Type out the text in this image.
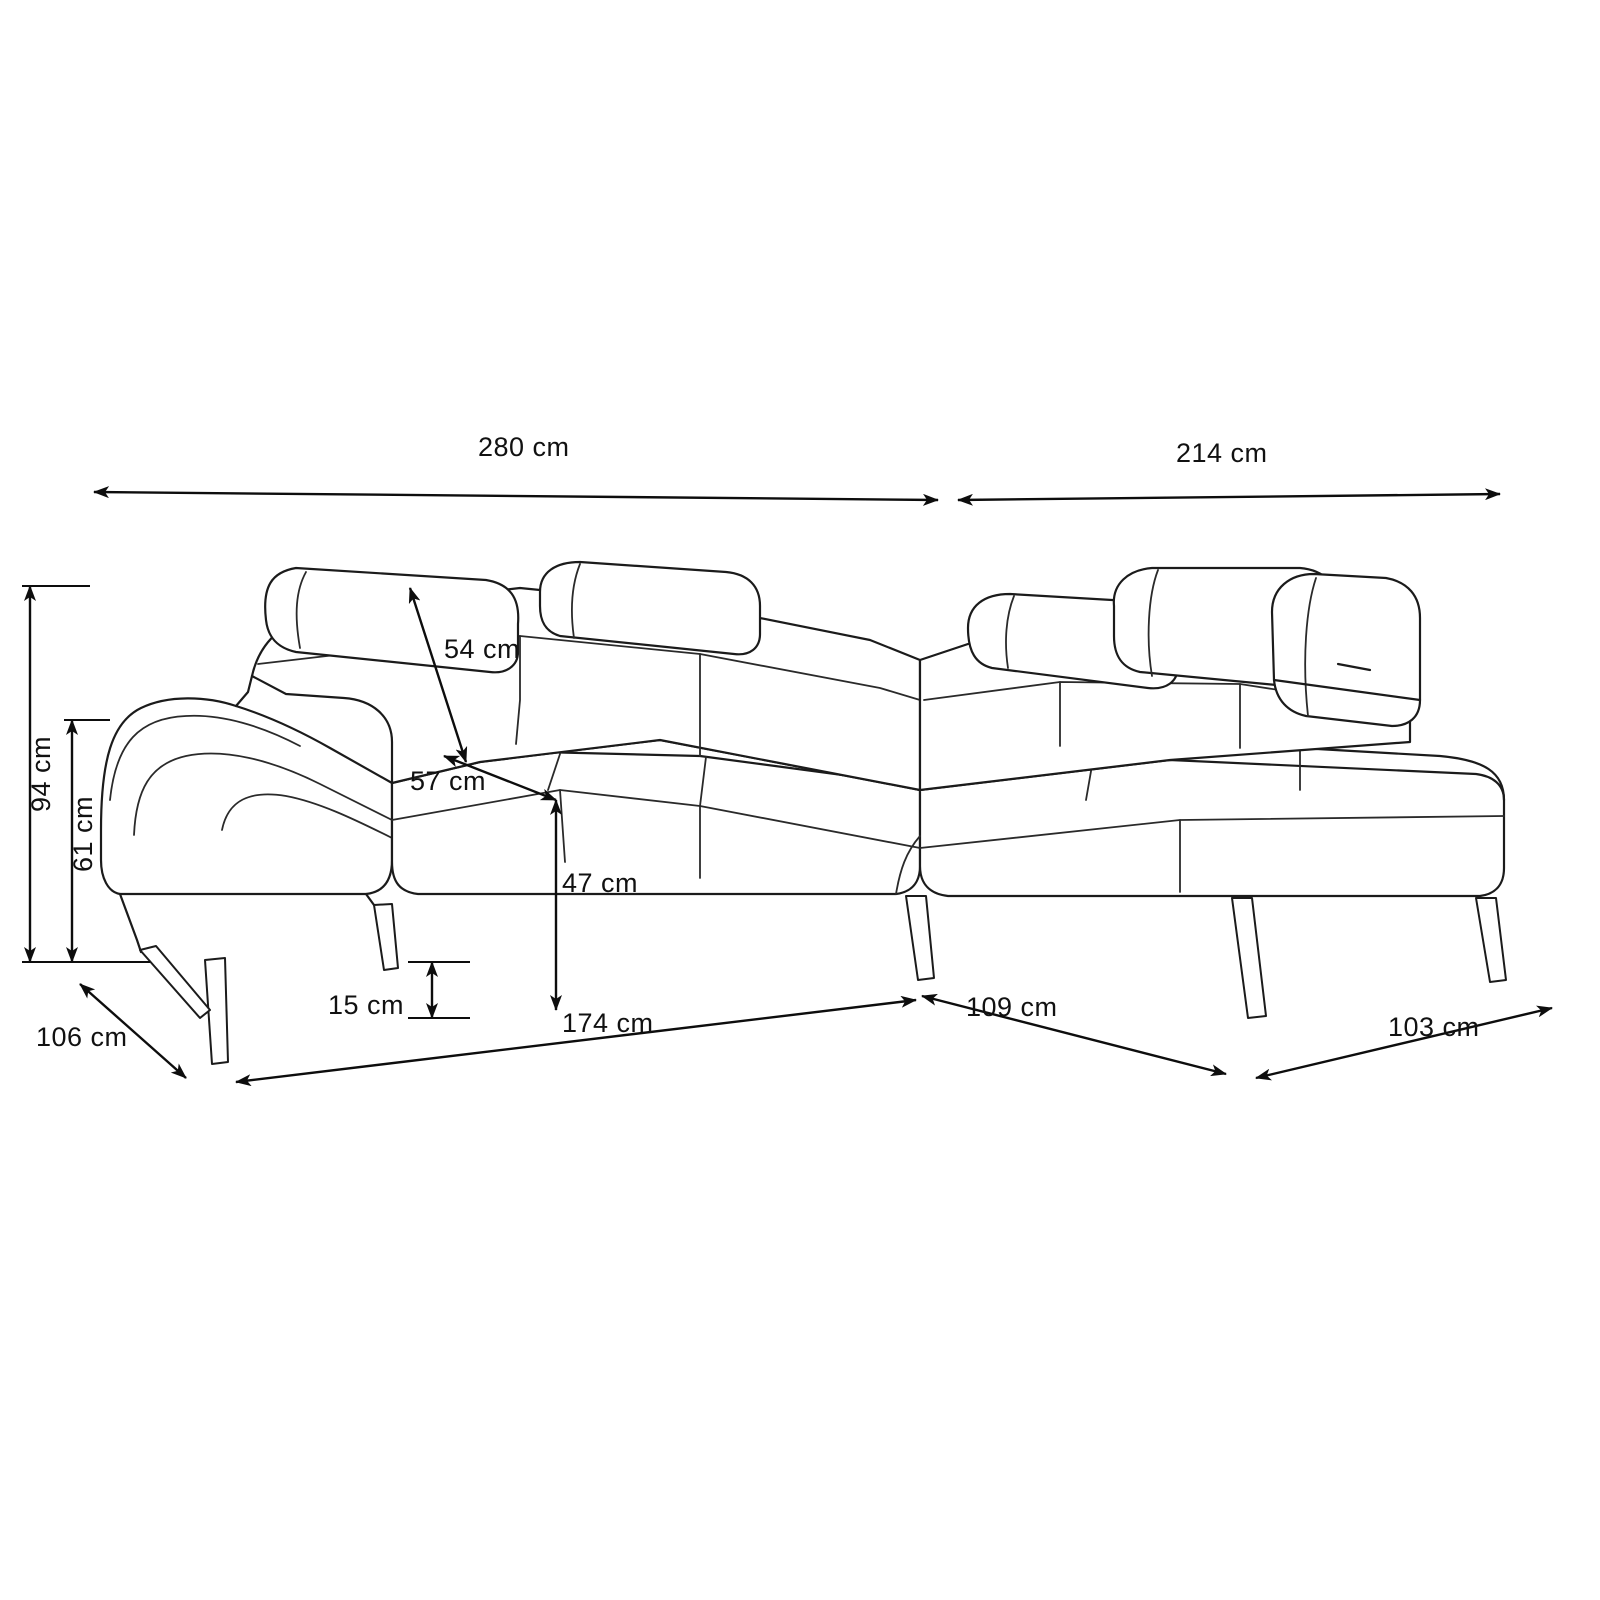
280 cm	214 cm
94 cm
61 cm
54 cm
57 cm
47 cm
15 cm
106 cm	174 cm
109 cm
103 cm
